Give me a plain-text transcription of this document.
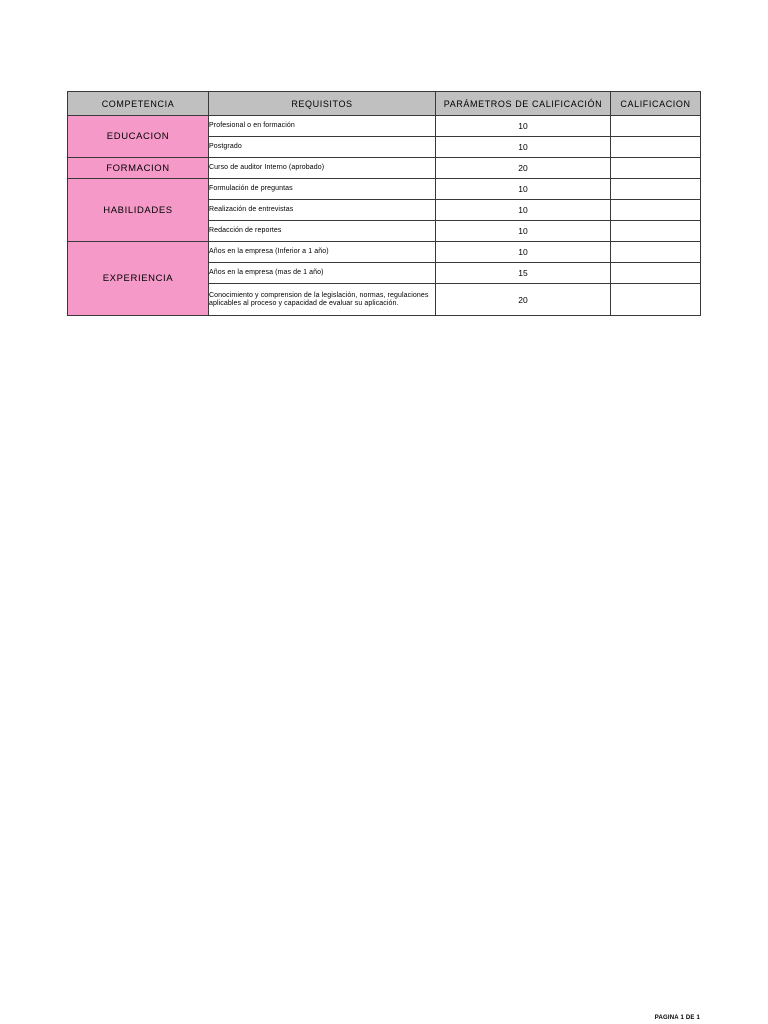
COMPETENCIA	REQUISITOS	PARÁMETROS DE CALIFICACIÓN	CALIFICACION
EDUCACION	Profesional o en formación	10	
	Postgrado	10	
FORMACION	Curso de auditor Interno (aprobado)	20	
HABILIDADES	Formulación de preguntas	10	
	Realización de entrevistas	10	
	Redacción de reportes	10	
EXPERIENCIA	Años en la empresa (Inferior a 1 año)	10	
	Años en la empresa (mas de 1 año)	15	
	Conocimiento y comprension de la legislación, normas, regulaciones aplicables al proceso y capacidad de evaluar su aplicación.	20	
PAGINA 1 DE 1
